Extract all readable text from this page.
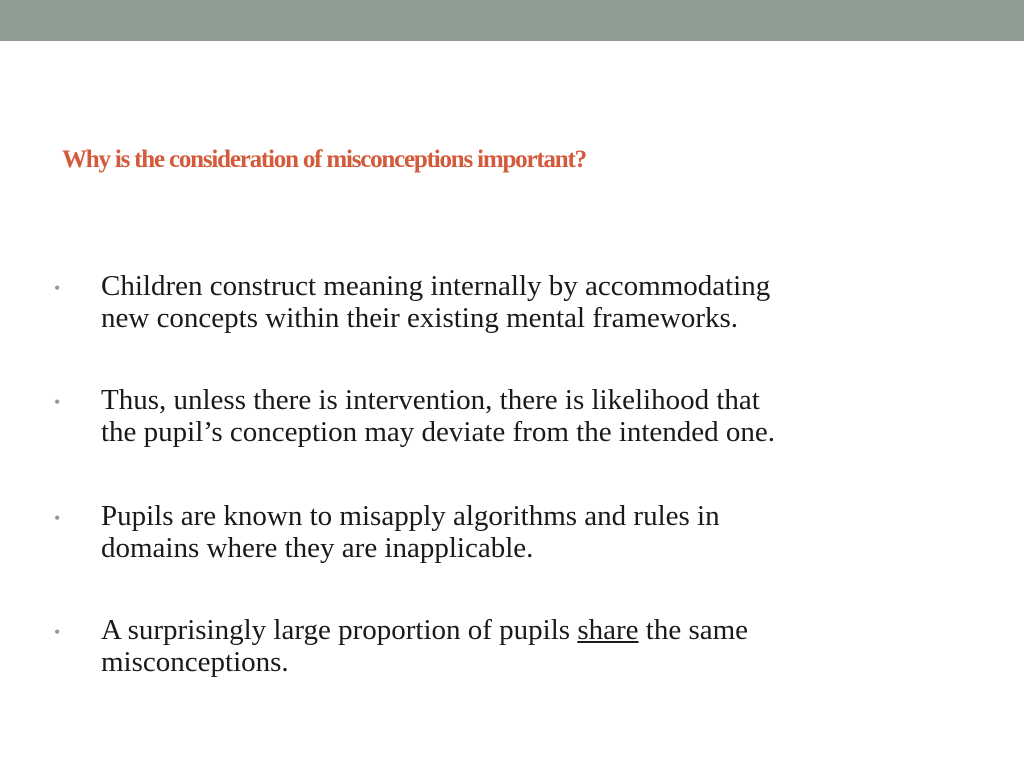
Why is the consideration of misconceptions important?
• Children construct meaning internally by accommodating
new concepts within their existing mental frameworks.
• Thus, unless there is intervention, there is likelihood that
the pupil’s conception may deviate from the intended one.
• Pupils are known to misapply algorithms and rules in
domains where they are inapplicable.
• A surprisingly large proportion of pupils share the same
misconceptions.
